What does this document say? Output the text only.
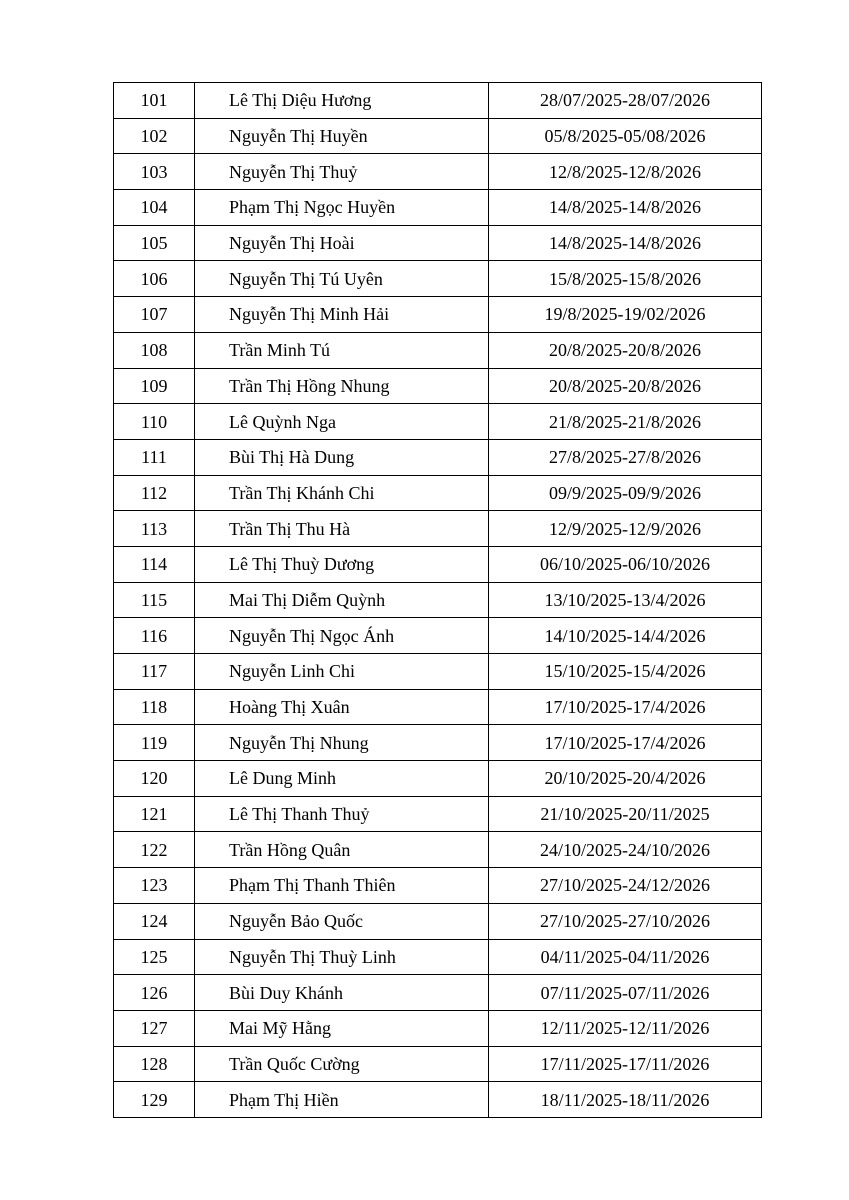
101	Lê Thị Diệu Hương	28/07/2025-28/07/2026
102	Nguyễn Thị Huyền	05/8/2025-05/08/2026
103	Nguyễn Thị Thuỷ	12/8/2025-12/8/2026
104	Phạm Thị Ngọc Huyền	14/8/2025-14/8/2026
105	Nguyễn Thị Hoài	14/8/2025-14/8/2026
106	Nguyễn Thị Tú Uyên	15/8/2025-15/8/2026
107	Nguyễn Thị Minh Hải	19/8/2025-19/02/2026
108	Trần Minh Tú	20/8/2025-20/8/2026
109	Trần Thị Hồng Nhung	20/8/2025-20/8/2026
110	Lê Quỳnh Nga	21/8/2025-21/8/2026
111	Bùi Thị Hà Dung	27/8/2025-27/8/2026
112	Trần Thị Khánh Chi	09/9/2025-09/9/2026
113	Trần Thị Thu Hà	12/9/2025-12/9/2026
114	Lê Thị Thuỳ Dương	06/10/2025-06/10/2026
115	Mai Thị Diễm Quỳnh	13/10/2025-13/4/2026
116	Nguyễn Thị Ngọc Ánh	14/10/2025-14/4/2026
117	Nguyễn Linh Chi	15/10/2025-15/4/2026
118	Hoàng Thị Xuân	17/10/2025-17/4/2026
119	Nguyễn Thị Nhung	17/10/2025-17/4/2026
120	Lê Dung Minh	20/10/2025-20/4/2026
121	Lê Thị Thanh Thuỷ	21/10/2025-20/11/2025
122	Trần Hồng Quân	24/10/2025-24/10/2026
123	Phạm Thị Thanh Thiên	27/10/2025-24/12/2026
124	Nguyễn Bảo Quốc	27/10/2025-27/10/2026
125	Nguyễn Thị Thuỳ Linh	04/11/2025-04/11/2026
126	Bùi Duy Khánh	07/11/2025-07/11/2026
127	Mai Mỹ Hằng	12/11/2025-12/11/2026
128	Trần Quốc Cường	17/11/2025-17/11/2026
129	Phạm Thị Hiền	18/11/2025-18/11/2026
